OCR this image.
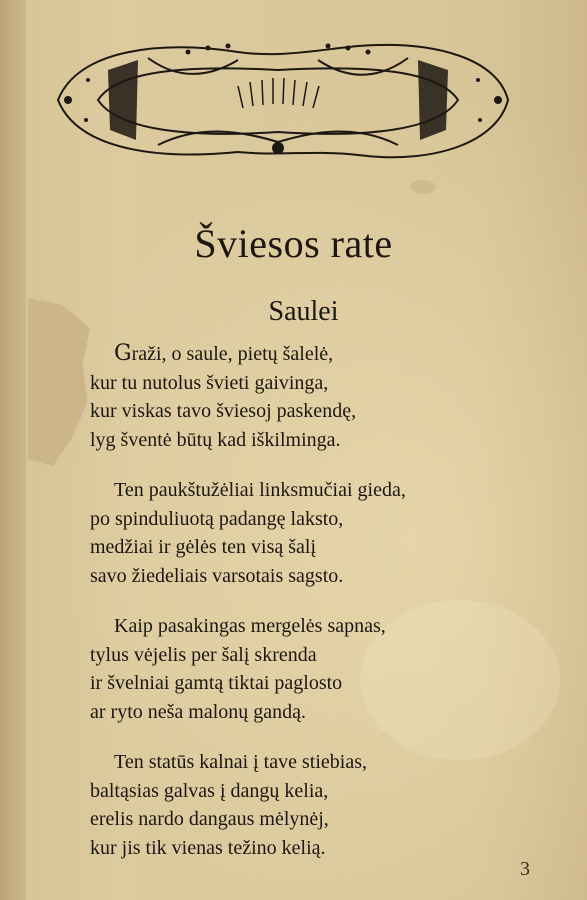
Šviesos rate
Saulei
Graži, o saule, pietų šalelė,
kur tu nutolus švieti gaivinga,
kur viskas tavo šviesoj paskendę,
lyg šventė būtų kad iškilminga.
Ten paukštužėliai linksmučiai gieda,
po spinduliuotą padangę laksto,
medžiai ir gėlės ten visą šalį
savo žiedeliais varsotais sagsto.
Kaip pasakingas mergelės sapnas,
tylus vėjelis per šalį skrenda
ir švelniai gamtą tiktai paglosto
ar ryto neša malonų gandą.
Ten statūs kalnai į tave stiebias,
baltąsias galvas į dangų kelia,
erelis nardo dangaus mėlynėj,
kur jis tik vienas težino kelią.
3
